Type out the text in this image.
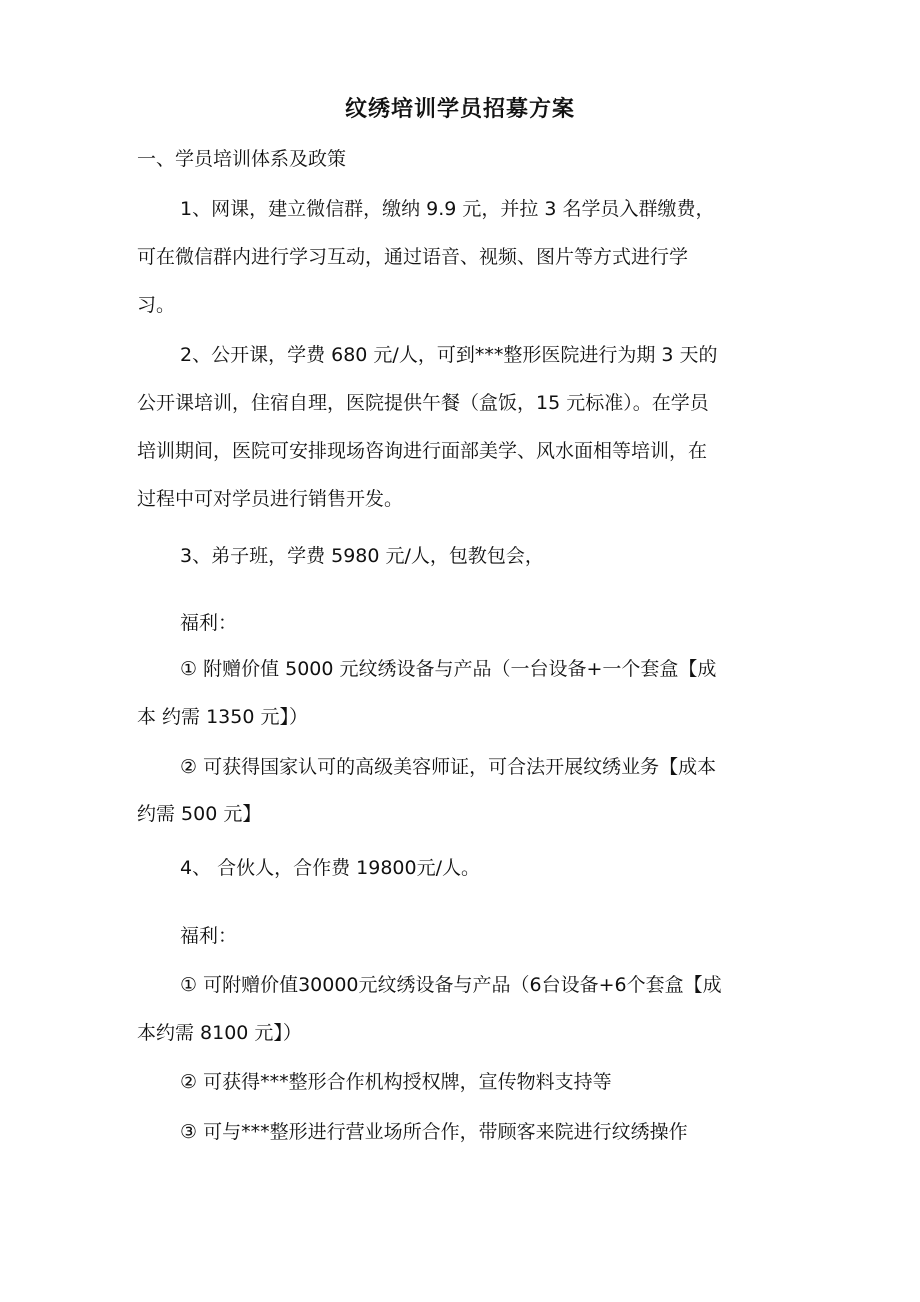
纹绣培训学员招募方案
一、学员培训体系及政策
1、网课，建立微信群，缴纳 9.9 元，并拉 3 名学员入群缴费，
可在微信群内进行学习互动，通过语音、视频、图片等方式进行学
习。
2、公开课，学费 680 元/人，可到***整形医院进行为期 3 天的
公开课培训，住宿自理，医院提供午餐（盒饭，15 元标准）。在学员
培训期间，医院可安排现场咨询进行面部美学、风水面相等培训，在
过程中可对学员进行销售开发。
3、弟子班，学费 5980 元/人，包教包会，
福利：
① 附赠价值 5000 元纹绣设备与产品（一台设备+一个套盒【成
本 约需 1350 元】）
② 可获得国家认可的高级美容师证，可合法开展纹绣业务【成本
约需 500 元】
4、 合伙人，合作费 19800元/人。
福利：
① 可附赠价值30000元纹绣设备与产品（6台设备+6个套盒【成
本约需 8100 元】）
② 可获得***整形合作机构授权牌，宣传物料支持等
③ 可与***整形进行营业场所合作，带顾客来院进行纹绣操作
